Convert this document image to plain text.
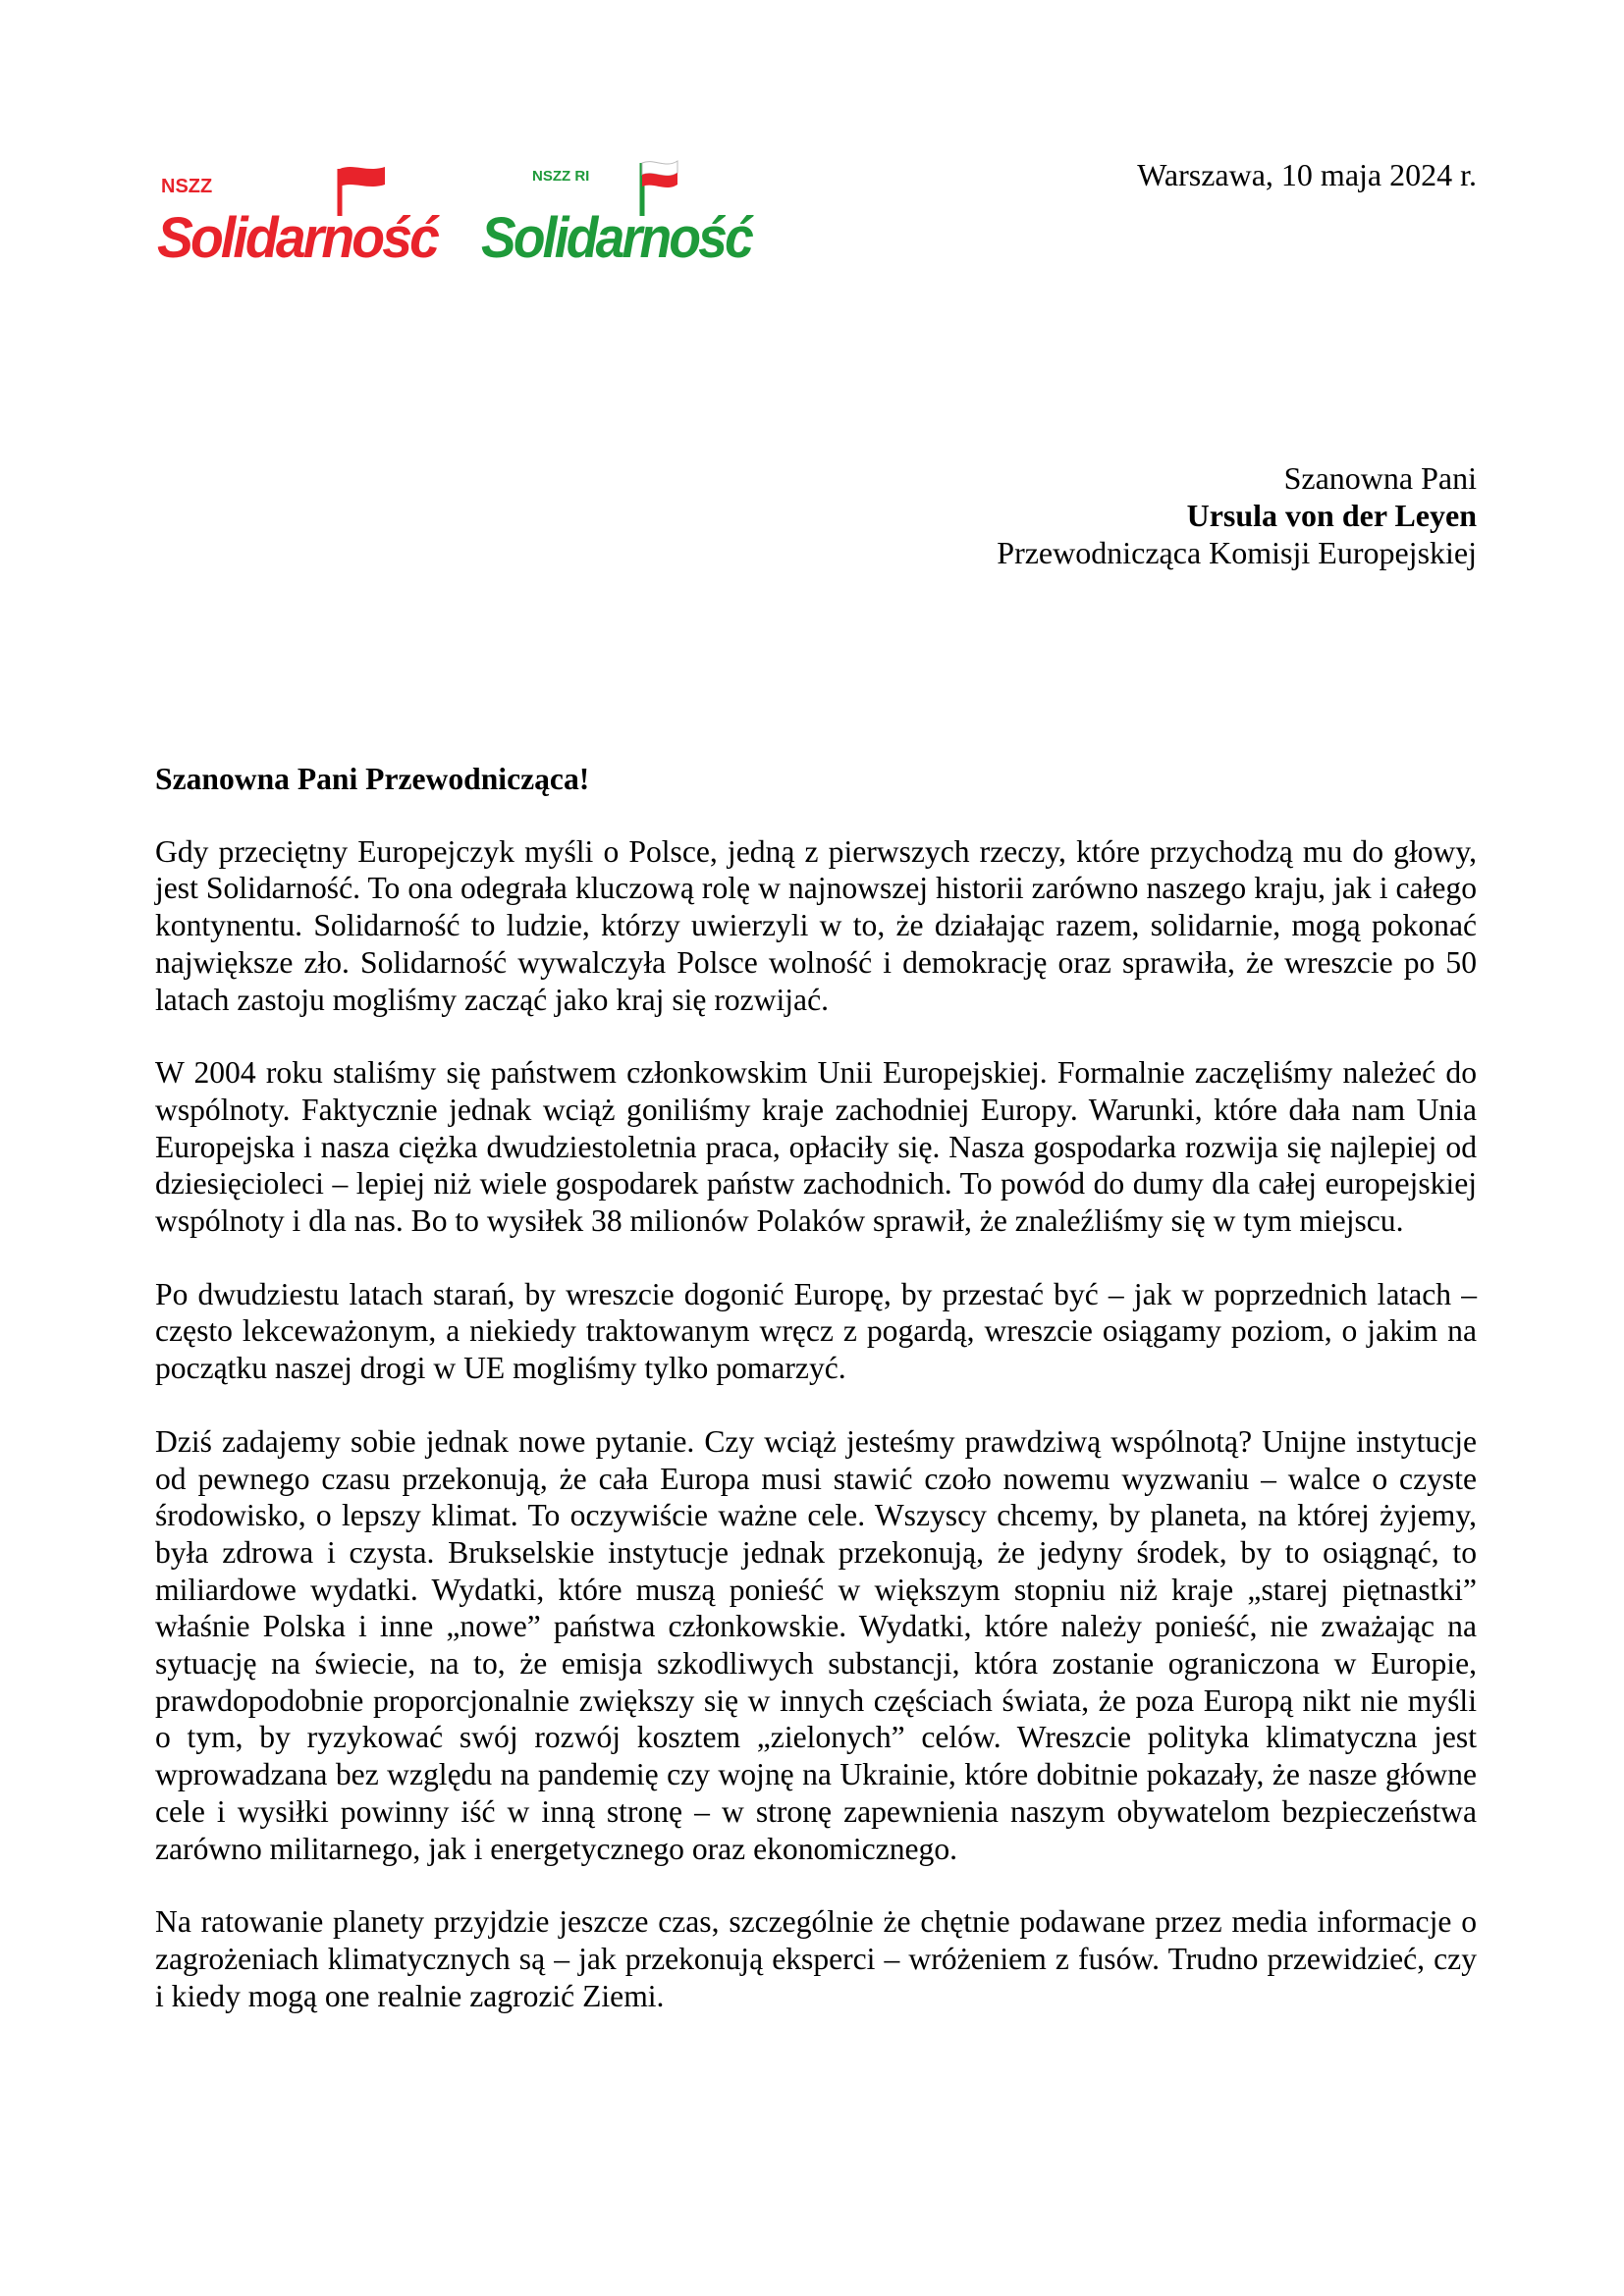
NSZZ
Solidarność
NSZZ RI
Solidarność
Warszawa, 10 maja 2024 r.
Szanowna Pani
Ursula von der Leyen
Przewodnicząca Komisji Europejskiej
Szanowna Pani Przewodnicząca!

Gdy przeciętny Europejczyk myśli o Polsce, jedną z pierwszych rzeczy, które przychodzą mu do głowy, jest Solidarność. To ona odegrała kluczową rolę w najnowszej historii zarówno naszego kraju, jak i całego kontynentu. Solidarność to ludzie, którzy uwierzyli w to, że działając razem, solidarnie, mogą pokonać największe zło. Solidarność wywalczyła Polsce wolność i demokrację oraz sprawiła, że wreszcie po 50 latach zastoju mogliśmy zacząć jako kraj się rozwijać.

W 2004 roku staliśmy się państwem członkowskim Unii Europejskiej. Formalnie zaczęliśmy należeć do wspólnoty. Faktycznie jednak wciąż goniliśmy kraje zachodniej Europy. Warunki, które dała nam Unia Europejska i nasza ciężka dwudziestoletnia praca, opłaciły się. Nasza gospodarka rozwija się najlepiej od dziesięcioleci – lepiej niż wiele gospodarek państw zachodnich. To powód do dumy dla całej europejskiej wspólnoty i dla nas. Bo to wysiłek 38 milionów Polaków sprawił, że znaleźliśmy się w tym miejscu.

Po dwudziestu latach starań, by wreszcie dogonić Europę, by przestać być – jak w poprzednich latach – często lekceważonym, a niekiedy traktowanym wręcz z pogardą, wreszcie osiągamy poziom, o jakim na początku naszej drogi w UE mogliśmy tylko pomarzyć.

Dziś zadajemy sobie jednak nowe pytanie. Czy wciąż jesteśmy prawdziwą wspólnotą? Unijne instytucje od pewnego czasu przekonują, że cała Europa musi stawić czoło nowemu wyzwaniu – walce o czyste środowisko, o lepszy klimat. To oczywiście ważne cele. Wszyscy chcemy, by planeta, na której żyjemy, była zdrowa i czysta. Brukselskie instytucje jednak przekonują, że jedyny środek, by to osiągnąć, to miliardowe wydatki. Wydatki, które muszą ponieść w większym stopniu niż kraje „starej piętnastki” właśnie Polska i inne „nowe” państwa członkowskie. Wydatki, które należy ponieść, nie zważając na sytuację na świecie, na to, że emisja szkodliwych substancji, która zostanie ograniczona w Europie, prawdopodobnie proporcjonalnie zwiększy się w innych częściach świata, że poza Europą nikt nie myśli o tym, by ryzykować swój rozwój kosztem „zielonych” celów. Wreszcie polityka klimatyczna jest wprowadzana bez względu na pandemię czy wojnę na Ukrainie, które dobitnie pokazały, że nasze główne cele i wysiłki powinny iść w inną stronę – w stronę zapewnienia naszym obywatelom bezpieczeństwa zarówno militarnego, jak i energetycznego oraz ekonomicznego.

Na ratowanie planety przyjdzie jeszcze czas, szczególnie że chętnie podawane przez media informacje o zagrożeniach klimatycznych są – jak przekonują eksperci – wróżeniem z fusów. Trudno przewidzieć, czy i kiedy mogą one realnie zagrozić Ziemi.
